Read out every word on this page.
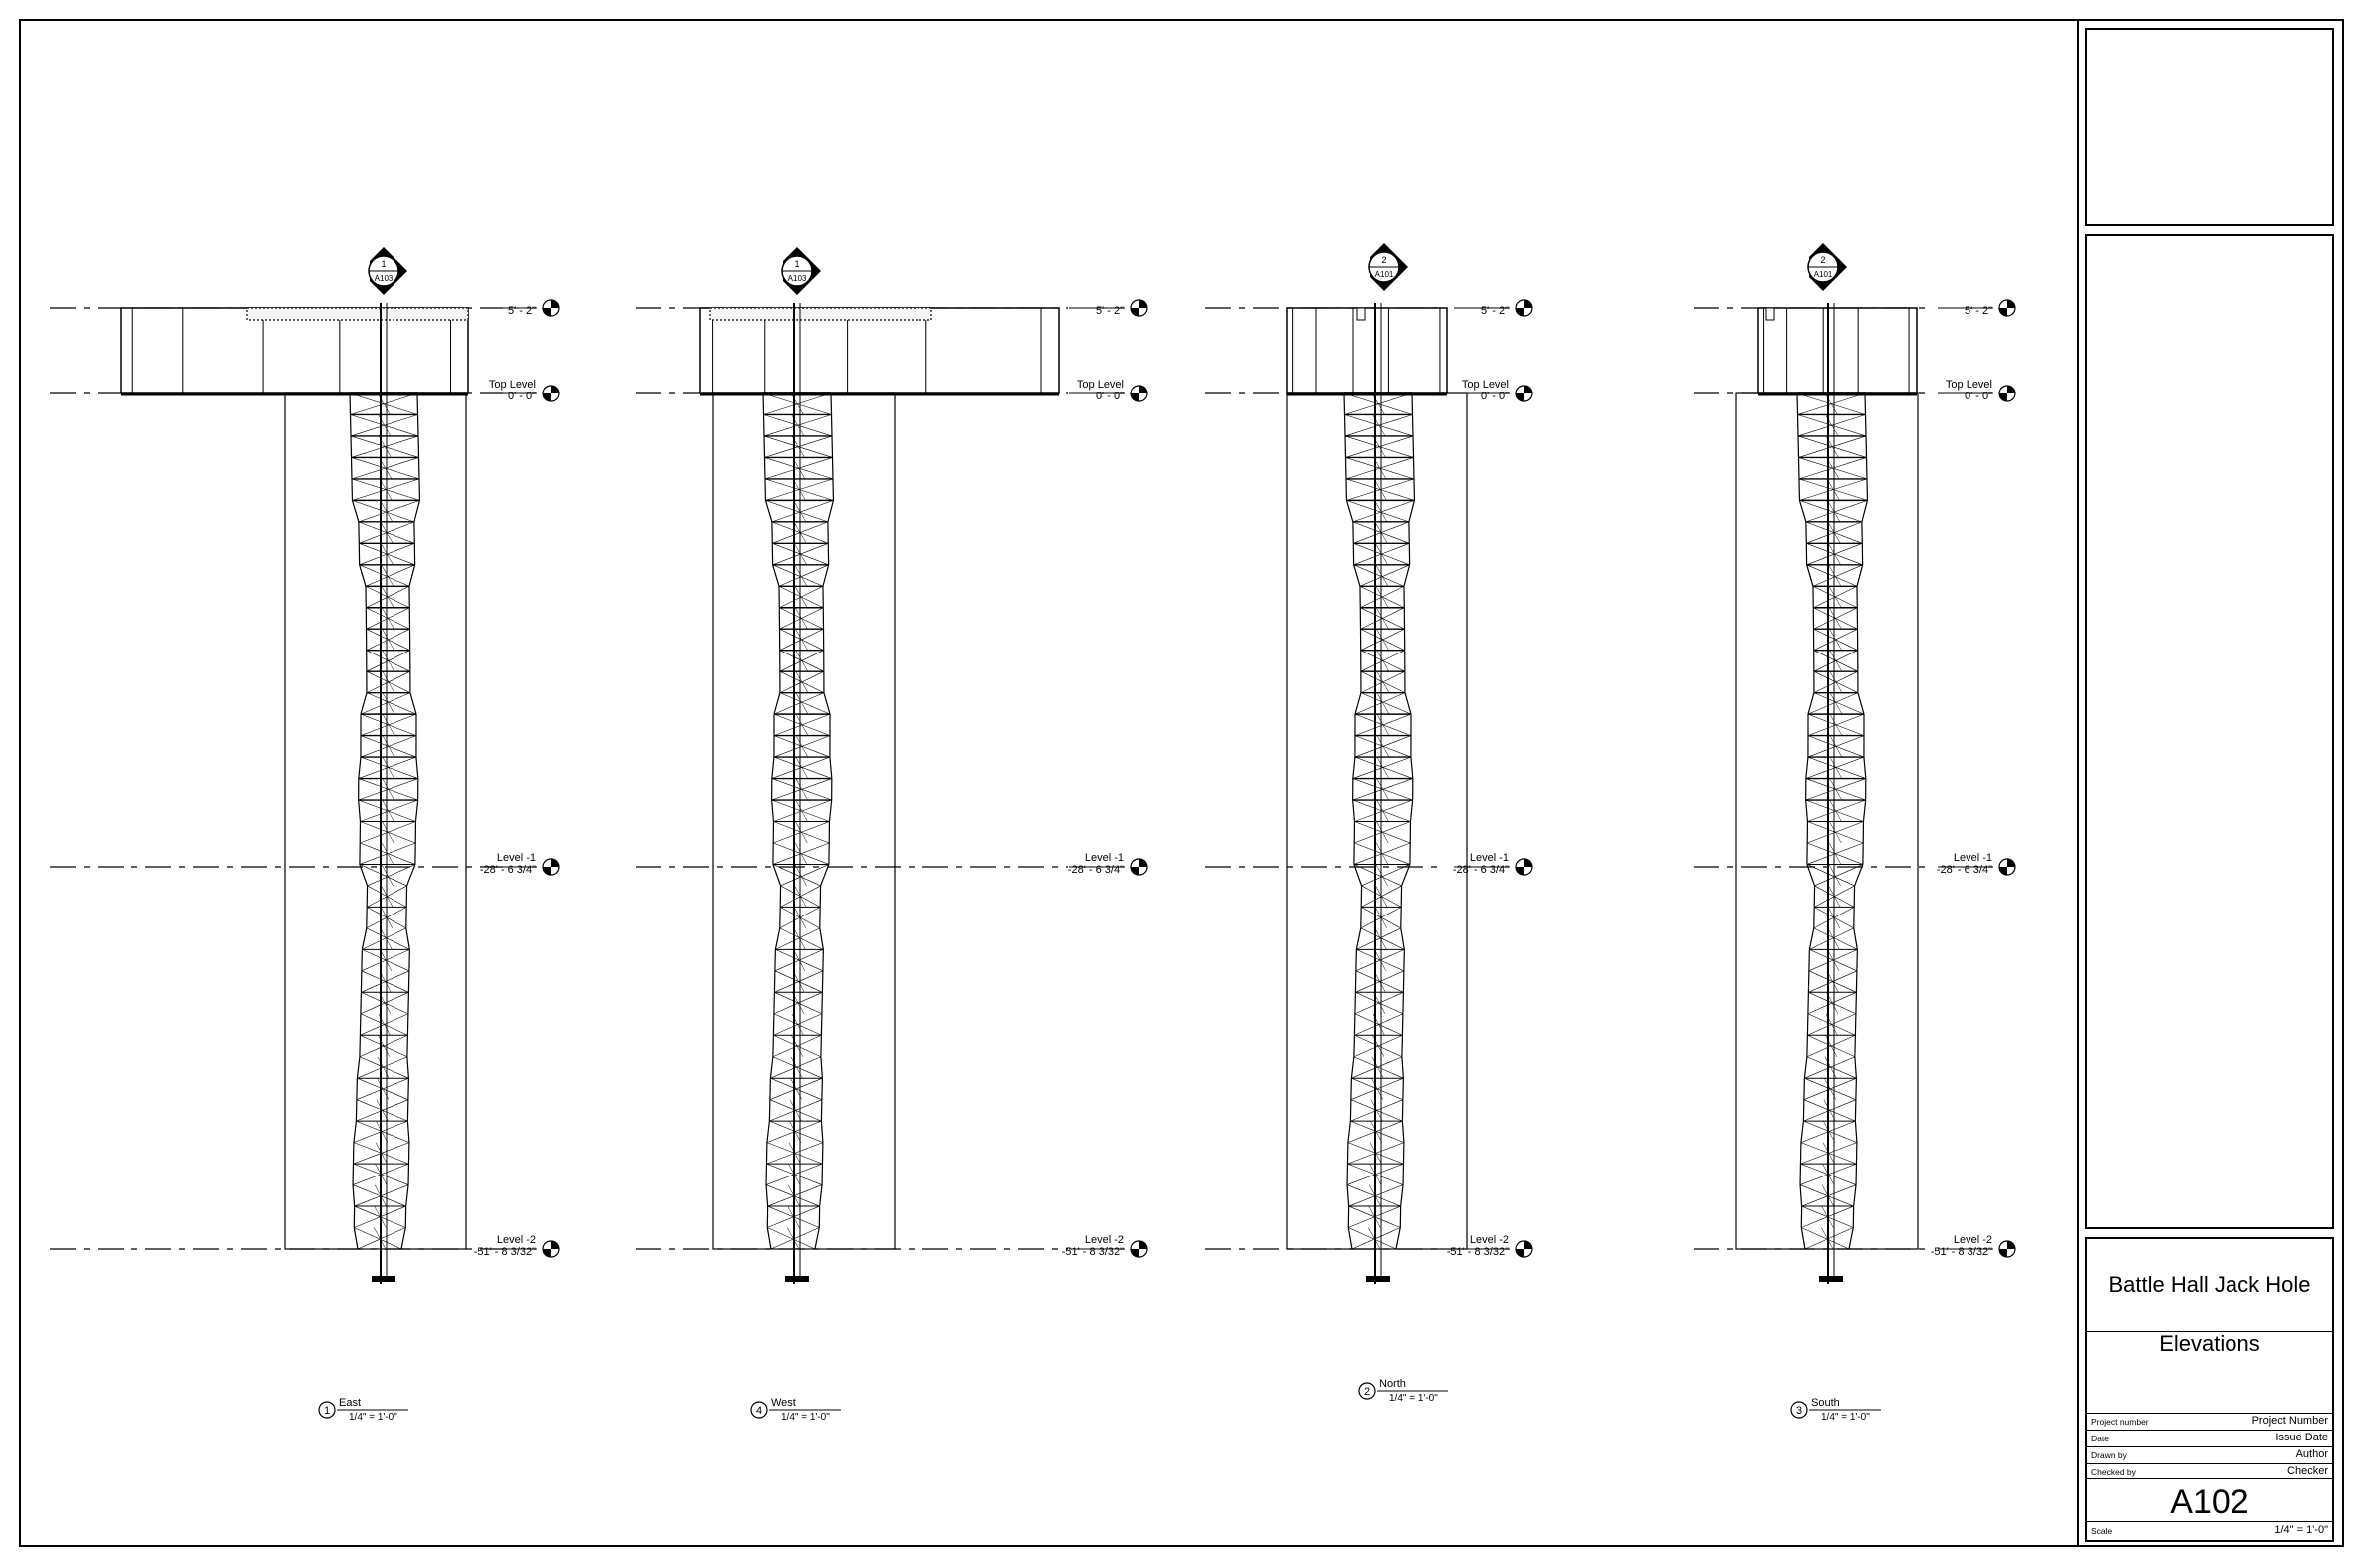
5' - 2"
Top Level
0' - 0"
Level -1
-28' - 6 3/4"
Level -2
-51' - 8 3/32"
1
A103
1
East
1/4" = 1'-0"
5' - 2"
Top Level
0' - 0"
Level -1
-28' - 6 3/4"
Level -2
-51' - 8 3/32"
1
A103
4
West
1/4" = 1'-0"
5' - 2"
Top Level
0' - 0"
Level -1
-28' - 6 3/4"
Level -2
-51' - 8 3/32"
2
A101
2
North
1/4" = 1'-0"
5' - 2"
Top Level
0' - 0"
Level -1
-28' - 6 3/4"
Level -2
-51' - 8 3/32"
2
A101
3
South
1/4" = 1'-0"
Battle Hall Jack Hole
Elevations
Project number	Project Number
Date	Issue Date
Drawn by	Author
Checked by	Checker
A102
Scale	1/4" = 1'-0"
